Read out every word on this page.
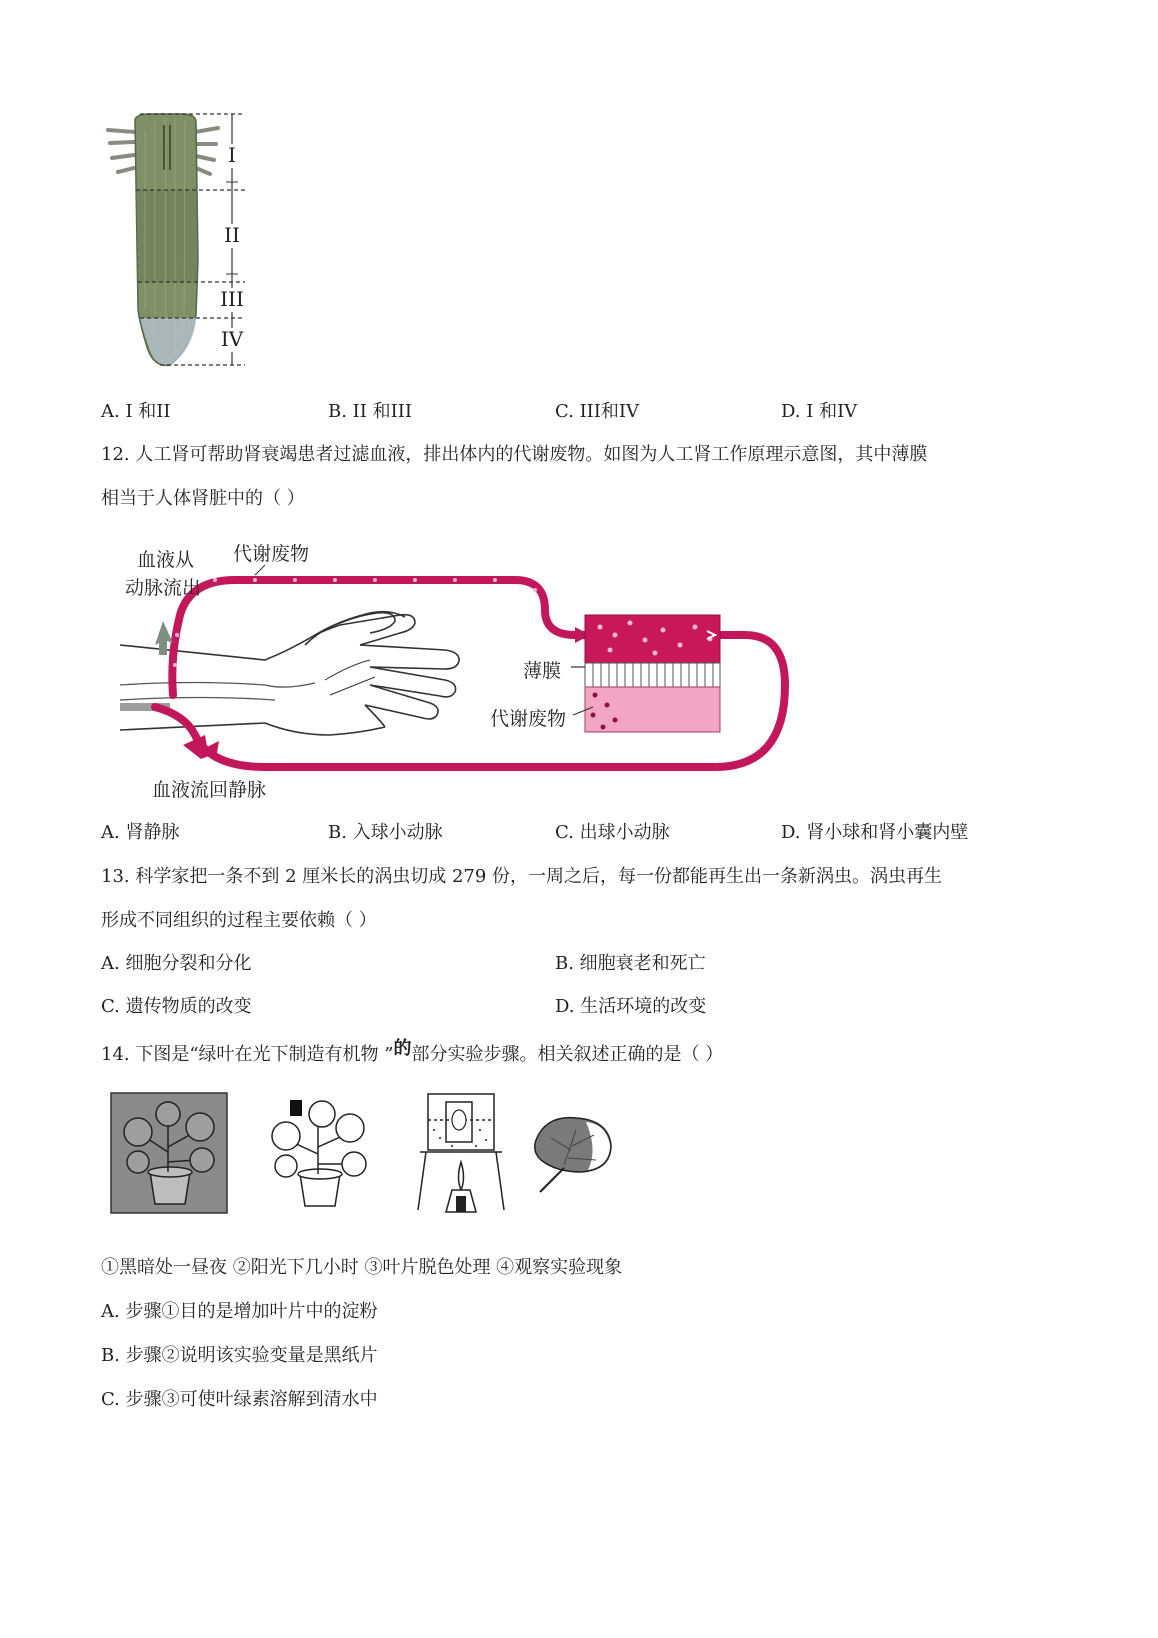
I
II
III
IV
A. I 和II	B. II 和III	C. III和IV	D. I 和IV
12. 人工肾可帮助肾衰竭患者过滤血液，排出体内的代谢废物。如图为人工肾工作原理示意图，其中薄膜
相当于人体肾脏中的（ ）
血液从
动脉流出
代谢废物
薄膜
代谢废物
血液流回静脉
A. 肾静脉	B. 入球小动脉	C. 出球小动脉	D. 肾小球和肾小囊内壁
13. 科学家把一条不到 2 厘米长的涡虫切成 279 份，一周之后，每一份都能再生出一条新涡虫。涡虫再生
形成不同组织的过程主要依赖（ ）
A. 细胞分裂和分化	B. 细胞衰老和死亡
C. 遗传物质的改变	D. 生活环境的改变
14. 下图是“绿叶在光下制造有机物 ”的部分实验步骤。相关叙述正确的是（ ）
①黑暗处一昼夜 ②阳光下几小时 ③叶片脱色处理 ④观察实验现象
A. 步骤①目的是增加叶片中的淀粉
B. 步骤②说明该实验变量是黑纸片
C. 步骤③可使叶绿素溶解到清水中
